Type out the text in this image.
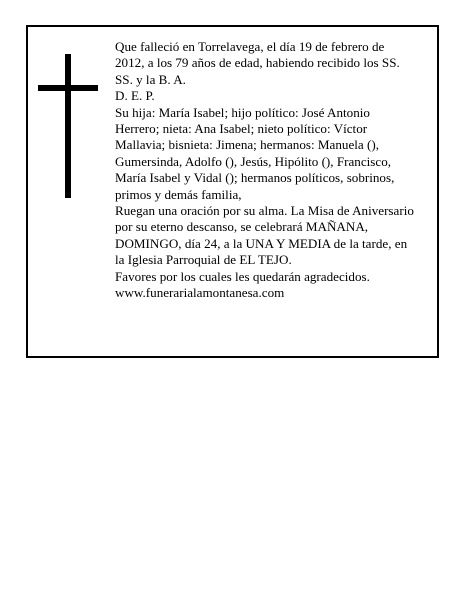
Que falleció en Torrelavega, el día 19 de febrero de 2012, a los 79 años de edad, habiendo recibido los SS. SS. y la B. A.

D. E. P.

Su hija: María Isabel; hijo político: José Antonio Herrero; nieta: Ana Isabel; nieto político: Víctor Mallavia; bisnieta: Jimena; hermanos: Manuela (), Gumersinda, Adolfo (), Jesús, Hipólito (), Francisco, María Isabel y Vidal (); hermanos políticos, sobrinos, primos y demás familia,

Ruegan una oración por su alma. La Misa de Aniversario por su eterno descanso, se celebrará MAÑANA, DOMINGO, día 24, a la UNA Y MEDIA de la tarde, en la Iglesia Parroquial de EL TEJO.

Favores por los cuales les quedarán agradecidos.

www.funerarialamontanesa.com
